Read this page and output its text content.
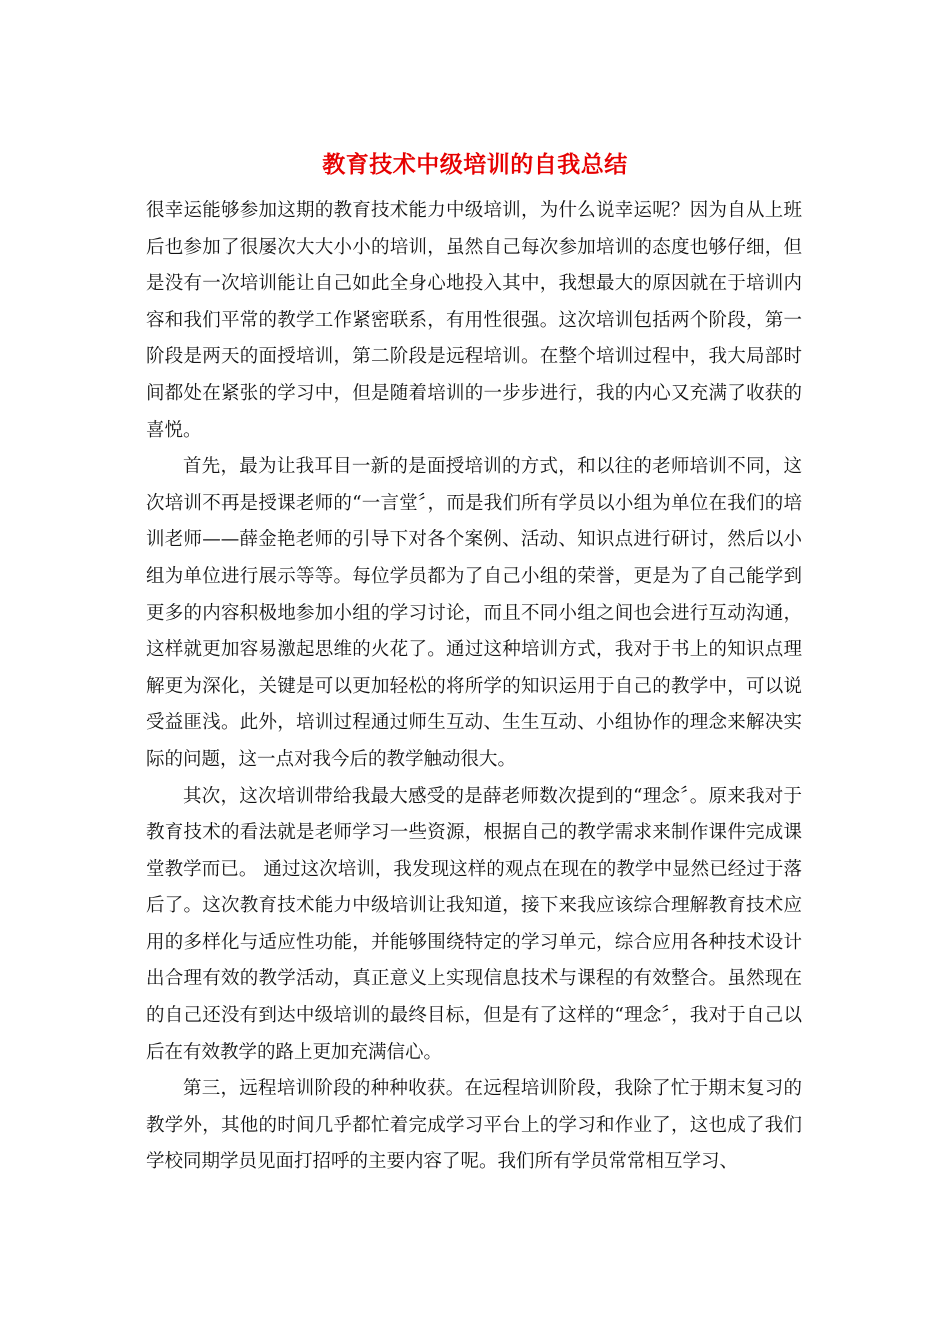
教育技术中级培训的自我总结

很幸运能够参加这期的教育技术能力中级培训，为什么说幸运呢？因为自从上班后也参加了很屡次大大小小的培训，虽然自己每次参加培训的态度也够仔细，但是没有一次培训能让自己如此全身心地投入其中，我想最大的原因就在于培训内容和我们平常的教学工作紧密联系，有用性很强。这次培训包括两个阶段，第一阶段是两天的面授培训，第二阶段是远程培训。在整个培训过程中，我大局部时间都处在紧张的学习中，但是随着培训的一步步进行，我的内心又充满了收获的喜悦。

首先，最为让我耳目一新的是面授培训的方式，和以往的老师培训不同，这次培训不再是授课老师的“一言堂〞，而是我们所有学员以小组为单位在我们的培训老师——薛金艳老师的引导下对各个案例、活动、知识点进行研讨，然后以小组为单位进行展示等等。每位学员都为了自己小组的荣誉，更是为了自己能学到更多的内容积极地参加小组的学习讨论，而且不同小组之间也会进行互动沟通，这样就更加容易激起思维的火花了。通过这种培训方式，我对于书上的知识点理解更为深化，关键是可以更加轻松的将所学的知识运用于自己的教学中，可以说受益匪浅。此外，培训过程通过师生互动、生生互动、小组协作的理念来解决实际的问题，这一点对我今后的教学触动很大。

其次，这次培训带给我最大感受的是薛老师数次提到的“理念〞。原来我对于教育技术的看法就是老师学习一些资源，根据自己的教学需求来制作课件完成课堂教学而已。 通过这次培训，我发现这样的观点在现在的教学中显然已经过于落后了。这次教育技术能力中级培训让我知道，接下来我应该综合理解教育技术应用的多样化与适应性功能，并能够围绕特定的学习单元，综合应用各种技术设计出合理有效的教学活动，真正意义上实现信息技术与课程的有效整合。虽然现在的自己还没有到达中级培训的最终目标，但是有了这样的“理念〞，我对于自己以后在有效教学的路上更加充满信心。

第三，远程培训阶段的种种收获。在远程培训阶段，我除了忙于期末复习的教学外，其他的时间几乎都忙着完成学习平台上的学习和作业了，这也成了我们学校同期学员见面打招呼的主要内容了呢。我们所有学员常常相互学习、
